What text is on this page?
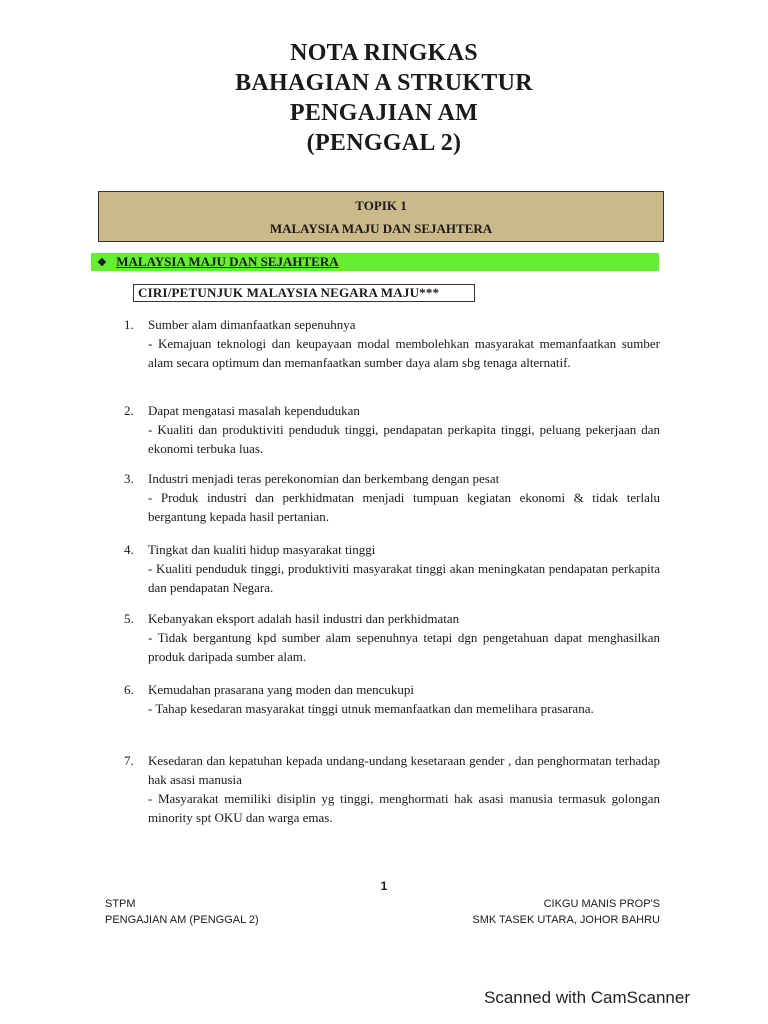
NOTA RINGKAS
BAHAGIAN A STRUKTUR
PENGAJIAN AM
(PENGGAL 2)
TOPIK 1
MALAYSIA MAJU DAN SEJAHTERA
❖ MALAYSIA MAJU DAN SEJAHTERA
CIRI/PETUNJUK MALAYSIA NEGARA MAJU***
1.	Sumber alam dimanfaatkan sepenuhnya
- Kemajuan teknologi dan keupayaan modal membolehkan masyarakat memanfaatkan sumber alam secara optimum dan memanfaatkan sumber daya alam sbg tenaga alternatif.
2.	Dapat mengatasi masalah kependudukan
- Kualiti dan produktiviti penduduk tinggi, pendapatan perkapita tinggi, peluang pekerjaan dan ekonomi terbuka luas.
3.	Industri menjadi teras perekonomian dan berkembang dengan pesat
- Produk industri dan perkhidmatan menjadi tumpuan kegiatan ekonomi & tidak terlalu bergantung kepada hasil pertanian.
4.	Tingkat dan kualiti hidup masyarakat tinggi
- Kualiti penduduk tinggi, produktiviti masyarakat tinggi akan meningkatan pendapatan perkapita dan pendapatan Negara.
5.	Kebanyakan eksport adalah hasil industri dan perkhidmatan
- Tidak bergantung kpd sumber alam sepenuhnya tetapi dgn pengetahuan dapat menghasilkan produk daripada sumber alam.
6.	Kemudahan prasarana yang moden dan mencukupi
- Tahap kesedaran masyarakat tinggi utnuk memanfaatkan dan memelihara prasarana.
7.	Kesedaran dan kepatuhan kepada undang-undang kesetaraan gender , dan penghormatan terhadap hak asasi manusia
- Masyarakat memiliki disiplin yg tinggi, menghormati hak asasi manusia termasuk golongan minority spt OKU dan warga emas.
1
STPM
PENGAJIAN AM (PENGGAL 2)
CIKGU MANIS PROP'S
SMK TASEK UTARA, JOHOR BAHRU
Scanned with CamScanner
